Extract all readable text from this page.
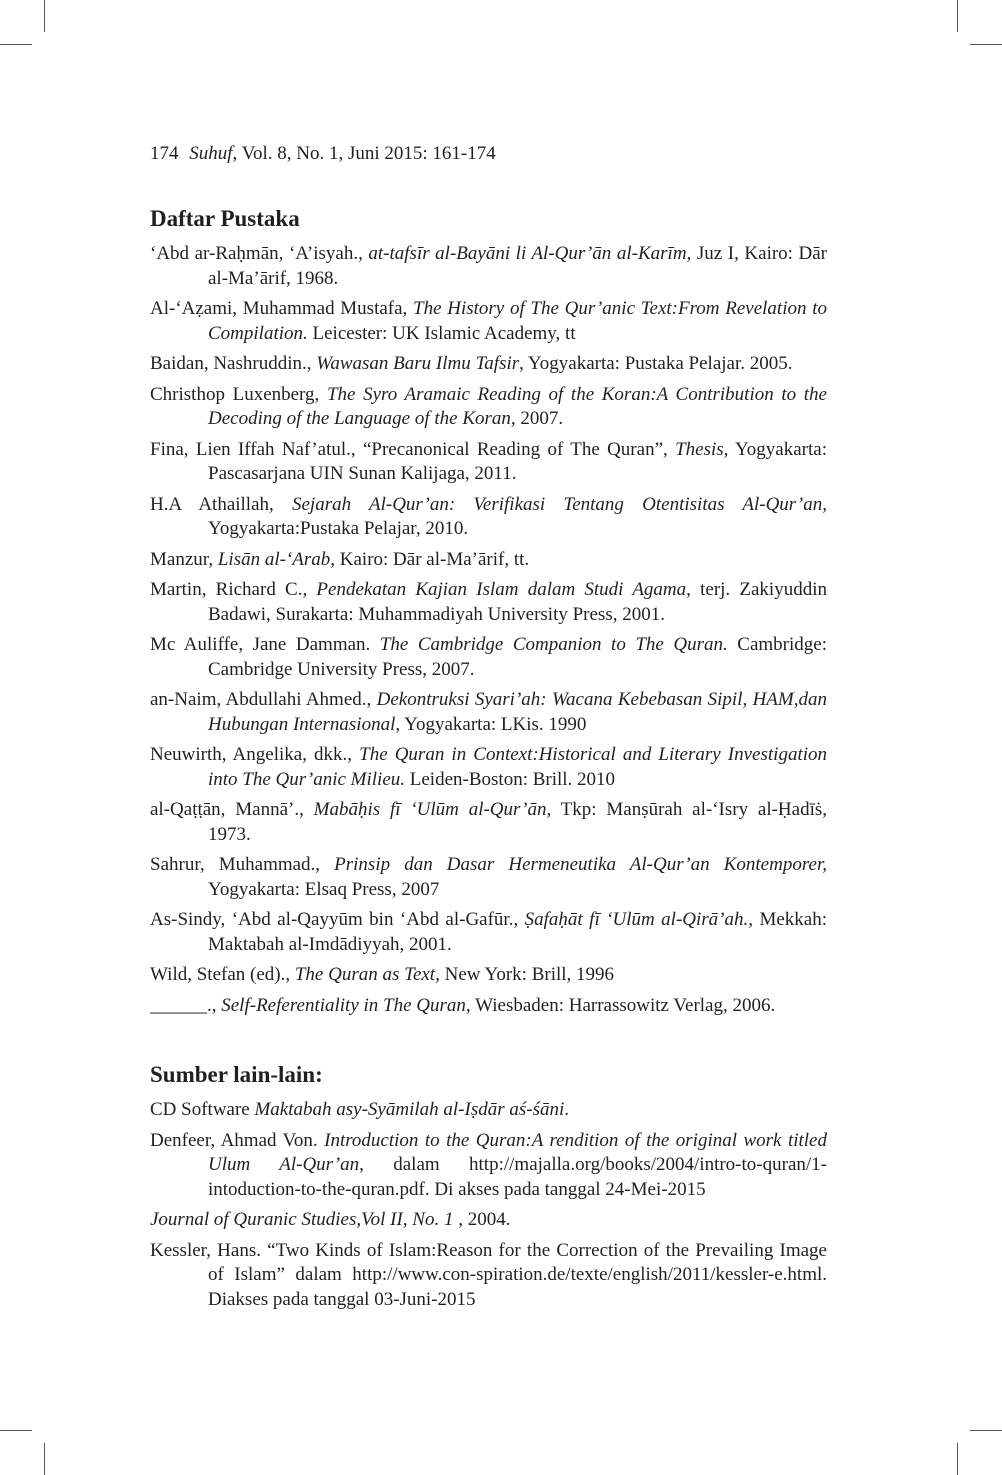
174 Suhuf, Vol. 8, No. 1, Juni 2015: 161-174
Daftar Pustaka

‘Abd ar-Raḥmān, ‘A’isyah., at-tafsīr al-Bayāni li Al-Qur’ān al-Karīm, Juz I, Kairo: Dār al-Ma’ārif, 1968.

Al-‘Aẓami, Muhammad Mustafa, The History of The Qur’anic Text:From Revelation to Compilation. Leicester: UK Islamic Academy, tt

Baidan, Nashruddin., Wawasan Baru Ilmu Tafsir, Yogyakarta: Pustaka Pelajar. 2005.

Christhop Luxenberg, The Syro Aramaic Reading of the Koran:A Contribution to the Decoding of the Language of the Koran, 2007.

Fina, Lien Iffah Naf’atul., “Precanonical Reading of The Quran”, Thesis, Yogyakarta: Pascasarjana UIN Sunan Kalijaga, 2011.

H.A Athaillah, Sejarah Al-Qur’an: Verifikasi Tentang Otentisitas Al-Qur’an, Yogyakarta:Pustaka Pelajar, 2010.

Manzur, Lisān al-‘Arab, Kairo: Dār al-Ma’ārif, tt.

Martin, Richard C., Pendekatan Kajian Islam dalam Studi Agama, terj. Zakiyuddin Badawi, Surakarta: Muhammadiyah University Press, 2001.

Mc Auliffe, Jane Damman. The Cambridge Companion to The Quran. Cambridge: Cambridge University Press, 2007.

an-Naim, Abdullahi Ahmed., Dekontruksi Syari’ah: Wacana Kebebasan Sipil, HAM,dan Hubungan Internasional, Yogyakarta: LKis. 1990

Neuwirth, Angelika, dkk., The Quran in Context:Historical and Literary Investigation into The Qur’anic Milieu. Leiden-Boston: Brill. 2010

al-Qaṭṭān, Mannā’., Mabāḥis fī ‘Ulūm al-Qur’ān, Tkp: Manṣūrah al-‘Isry al-Ḥadīṡ, 1973.

Sahrur, Muhammad., Prinsip dan Dasar Hermeneutika Al-Qur’an Kontemporer, Yogyakarta: Elsaq Press, 2007

As-Sindy, ‘Abd al-Qayyūm bin ‘Abd al-Gafūr., Ṣafaḥāt fī ‘Ulūm al-Qirā’ah., Mekkah: Maktabah al-Imdādiyyah, 2001.

Wild, Stefan (ed)., The Quran as Text, New York: Brill, 1996

______., Self-Referentiality in The Quran, Wiesbaden: Harrassowitz Verlag, 2006.

Sumber lain-lain:

CD Software Maktabah asy-Syāmilah al-Iṣdār aś-śāni.

Denfeer, Ahmad Von. Introduction to the Quran:A rendition of the original work titled Ulum Al-Qur’an, dalam http://majalla.org/books/2004/intro-to-quran/1-intoduction-to-the-quran.pdf. Di akses pada tanggal 24-Mei-2015

Journal of Quranic Studies,Vol II, No. 1 , 2004.

Kessler, Hans. “Two Kinds of Islam:Reason for the Correction of the Prevailing Image of Islam” dalam http://www.con-spiration.de/texte/english/2011/kessler-e.html. Diakses pada tanggal 03-Juni-2015
